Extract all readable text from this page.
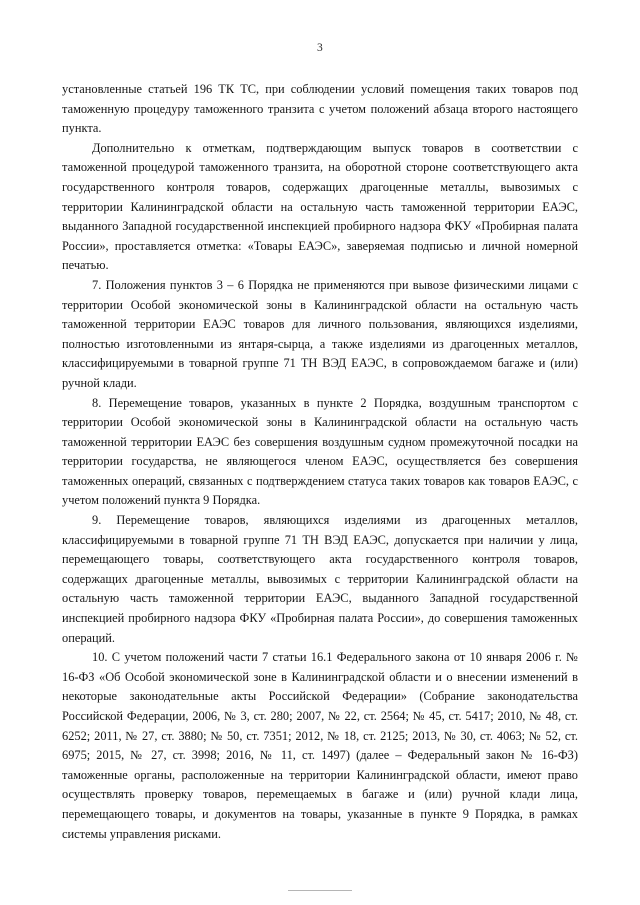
3

установленные статьей 196 ТК ТС, при соблюдении условий помещения таких товаров под таможенную процедуру таможенного транзита с учетом положений абзаца второго настоящего пункта.

Дополнительно к отметкам, подтверждающим выпуск товаров в соответствии с таможенной процедурой таможенного транзита, на оборотной стороне соответствующего акта государственного контроля товаров, содержащих драгоценные металлы, вывозимых с территории Калининградской области на остальную часть таможенной территории ЕАЭС, выданного Западной государственной инспекцией пробирного надзора ФКУ «Пробирная палата России», проставляется отметка: «Товары ЕАЭС», заверяемая подписью и личной номерной печатью.

7. Положения пунктов 3 – 6 Порядка не применяются при вывозе физическими лицами с территории Особой экономической зоны в Калининградской области на остальную часть таможенной территории ЕАЭС товаров для личного пользования, являющихся изделиями, полностью изготовленными из янтаря-сырца, а также изделиями из драгоценных металлов, классифицируемыми в товарной группе 71 ТН ВЭД ЕАЭС, в сопровождаемом багаже и (или) ручной клади.

8. Перемещение товаров, указанных в пункте 2 Порядка, воздушным транспортом с территории Особой экономической зоны в Калининградской области на остальную часть таможенной территории ЕАЭС без совершения воздушным судном промежуточной посадки на территории государства, не являющегося членом ЕАЭС, осуществляется без совершения таможенных операций, связанных с подтверждением статуса таких товаров как товаров ЕАЭС, с учетом положений пункта 9 Порядка.

9. Перемещение товаров, являющихся изделиями из драгоценных металлов, классифицируемыми в товарной группе 71 ТН ВЭД ЕАЭС, допускается при наличии у лица, перемещающего товары, соответствующего акта государственного контроля товаров, содержащих драгоценные металлы, вывозимых с территории Калининградской области на остальную часть таможенной территории ЕАЭС, выданного Западной государственной инспекцией пробирного надзора ФКУ «Пробирная палата России», до совершения таможенных операций.

10. С учетом положений части 7 статьи 16.1 Федерального закона от 10 января 2006 г. № 16-ФЗ «Об Особой экономической зоне в Калининградской области и о внесении изменений в некоторые законодательные акты Российской Федерации» (Собрание законодательства Российской Федерации, 2006, № 3, ст. 280; 2007, № 22, ст. 2564; № 45, ст. 5417; 2010, № 48, ст. 6252; 2011, № 27, ст. 3880; № 50, ст. 7351; 2012, № 18, ст. 2125; 2013, № 30, ст. 4063; № 52, ст. 6975; 2015, № 27, ст. 3998; 2016, № 11, ст. 1497) (далее – Федеральный закон № 16-ФЗ) таможенные органы, расположенные на территории Калининградской области, имеют право осуществлять проверку товаров, перемещаемых в багаже и (или) ручной клади лица, перемещающего товары, и документов на товары, указанные в пункте 9 Порядка, в рамках системы управления рисками.
